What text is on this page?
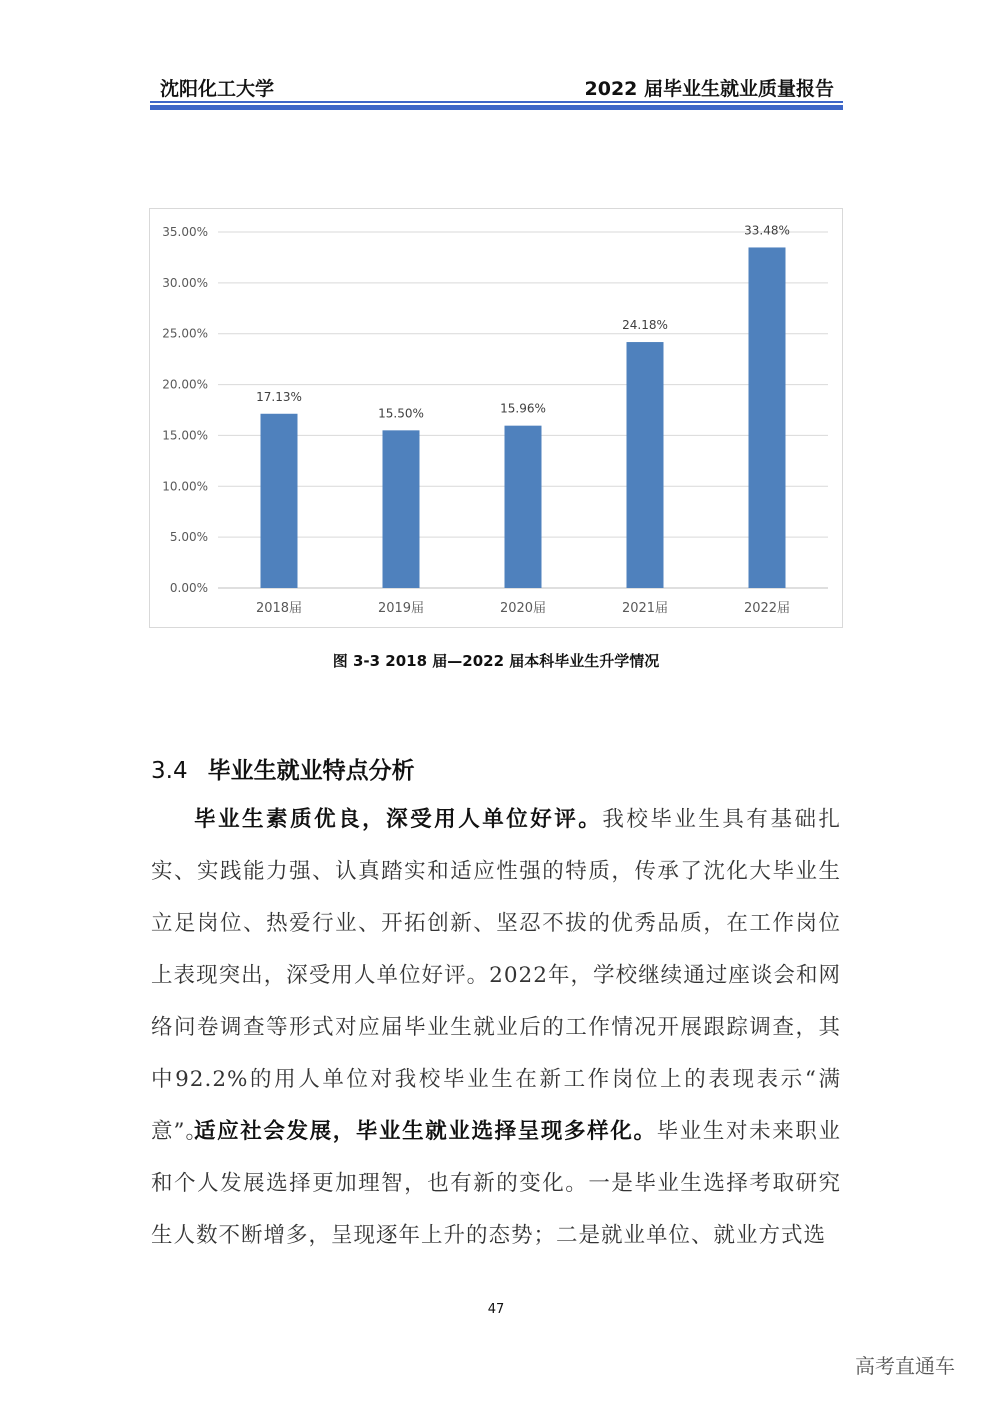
沈阳化工大学	2022 届毕业生就业质量报告
0.00%
5.00%
10.00%
15.00%
20.00%
25.00%
30.00%
35.00%
17.13%
2018届
15.50%
2019届
15.96%
2020届
24.18%
2021届
33.48%
2022届
图 3-3 2018 届—2022 届本科毕业生升学情况
3.4 毕业生就业特点分析
毕业生素质优良，深受用人单位好评。我校毕业生具有基础扎实、实践能力强、认真踏实和适应性强的特质，传承了沈化大毕业生立足岗位、热爱行业、开拓创新、坚忍不拔的优秀品质，在工作岗位上表现突出，深受用人单位好评。2022年，学校继续通过座谈会和网络问卷调查等形式对应届毕业生就业后的工作情况开展跟踪调查，其中92.2%的用人单位对我校毕业生在新工作岗位上的表现表示“满意”。
适应社会发展，毕业生就业选择呈现多样化。毕业生对未来职业和个人发展选择更加理智，也有新的变化。一是毕业生选择考取研究生人数不断增多，呈现逐年上升的态势；二是就业单位、就业方式选
47
高考直通车
